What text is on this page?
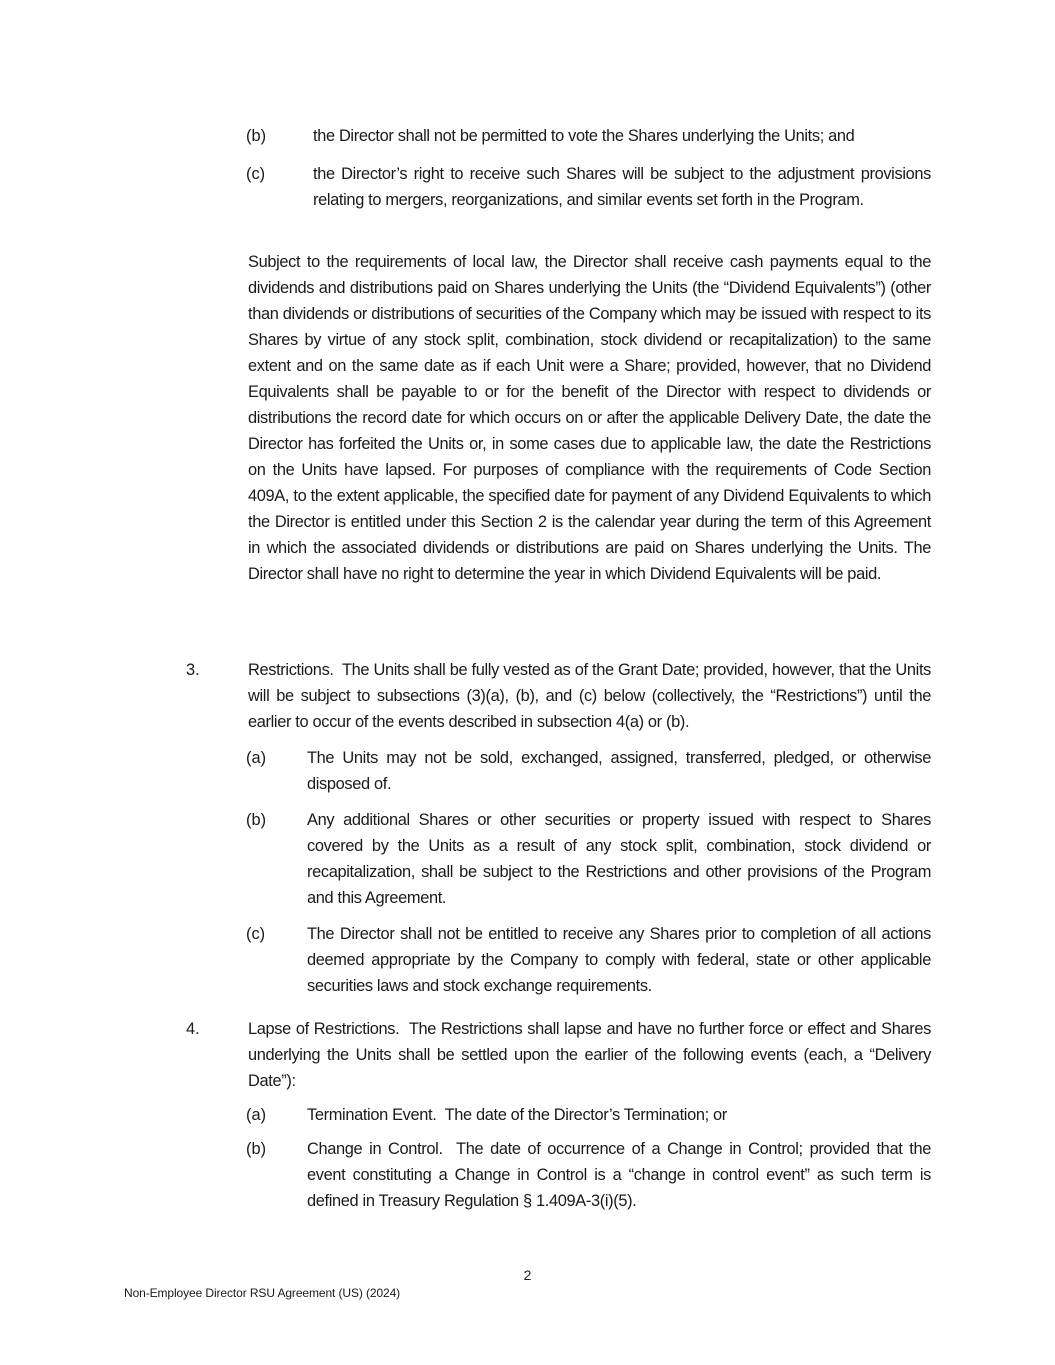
(b)	the Director shall not be permitted to vote the Shares underlying the Units; and
(c)	the Director’s right to receive such Shares will be subject to the adjustment provisions relating to mergers, reorganizations, and similar events set forth in the Program.
Subject to the requirements of local law, the Director shall receive cash payments equal to the dividends and distributions paid on Shares underlying the Units (the “Dividend Equivalents”) (other than dividends or distributions of securities of the Company which may be issued with respect to its Shares by virtue of any stock split, combination, stock dividend or recapitalization) to the same extent and on the same date as if each Unit were a Share; provided, however, that no Dividend Equivalents shall be payable to or for the benefit of the Director with respect to dividends or distributions the record date for which occurs on or after the applicable Delivery Date, the date the Director has forfeited the Units or, in some cases due to applicable law, the date the Restrictions on the Units have lapsed. For purposes of compliance with the requirements of Code Section 409A, to the extent applicable, the specified date for payment of any Dividend Equivalents to which the Director is entitled under this Section 2 is the calendar year during the term of this Agreement in which the associated dividends or distributions are paid on Shares underlying the Units. The Director shall have no right to determine the year in which Dividend Equivalents will be paid.
3.	Restrictions. The Units shall be fully vested as of the Grant Date; provided, however, that the Units will be subject to subsections (3)(a), (b), and (c) below (collectively, the “Restrictions”) until the earlier to occur of the events described in subsection 4(a) or (b).
(a) The Units may not be sold, exchanged, assigned, transferred, pledged, or otherwise disposed of.
(b) Any additional Shares or other securities or property issued with respect to Shares covered by the Units as a result of any stock split, combination, stock dividend or recapitalization, shall be subject to the Restrictions and other provisions of the Program and this Agreement.
(c)	The Director shall not be entitled to receive any Shares prior to completion of all actions deemed appropriate by the Company to comply with federal, state or other applicable securities laws and stock exchange requirements.
4.	Lapse of Restrictions. The Restrictions shall lapse and have no further force or effect and Shares underlying the Units shall be settled upon the earlier of the following events (each, a “Delivery Date”):
(a) Termination Event. The date of the Director’s Termination; or
(b) Change in Control. The date of occurrence of a Change in Control; provided that the event constituting a Change in Control is a “change in control event” as such term is defined in Treasury Regulation § 1.409A-3(i)(5).
2
Non-Employee Director RSU Agreement (US) (2024)
